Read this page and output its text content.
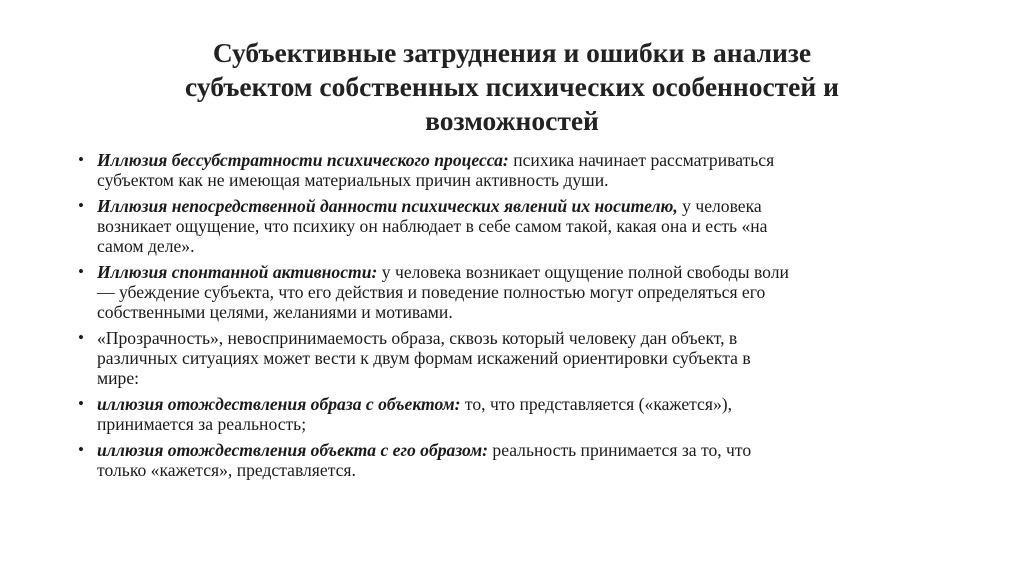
Субъективные затруднения и ошибки в анализе
субъектом собственных психических особенностей и
возможностей
• Иллюзия бессубстратности психического процесса: психика начинает рассматриваться
субъектом как не имеющая материальных причин активность души.
• Иллюзия непосредственной данности психических явлений их носителю, у человека
возникает ощущение, что психику он наблюдает в себе самом такой, какая она и есть «на
самом деле».
• Иллюзия спонтанной активности: у человека возникает ощущение полной свободы воли
— убеждение субъекта, что его действия и поведение полностью могут определяться его
собственными целями, желаниями и мотивами.
• «Прозрачность», невоспринимаемость образа, сквозь который человеку дан объект, в
различных ситуациях может вести к двум формам искажений ориентировки субъекта в
мире:
• иллюзия отождествления образа с объектом: то, что представляется («кажется»),
принимается за реальность;
• иллюзия отождествления объекта с его образом: реальность принимается за то, что
только «кажется», представляется.
